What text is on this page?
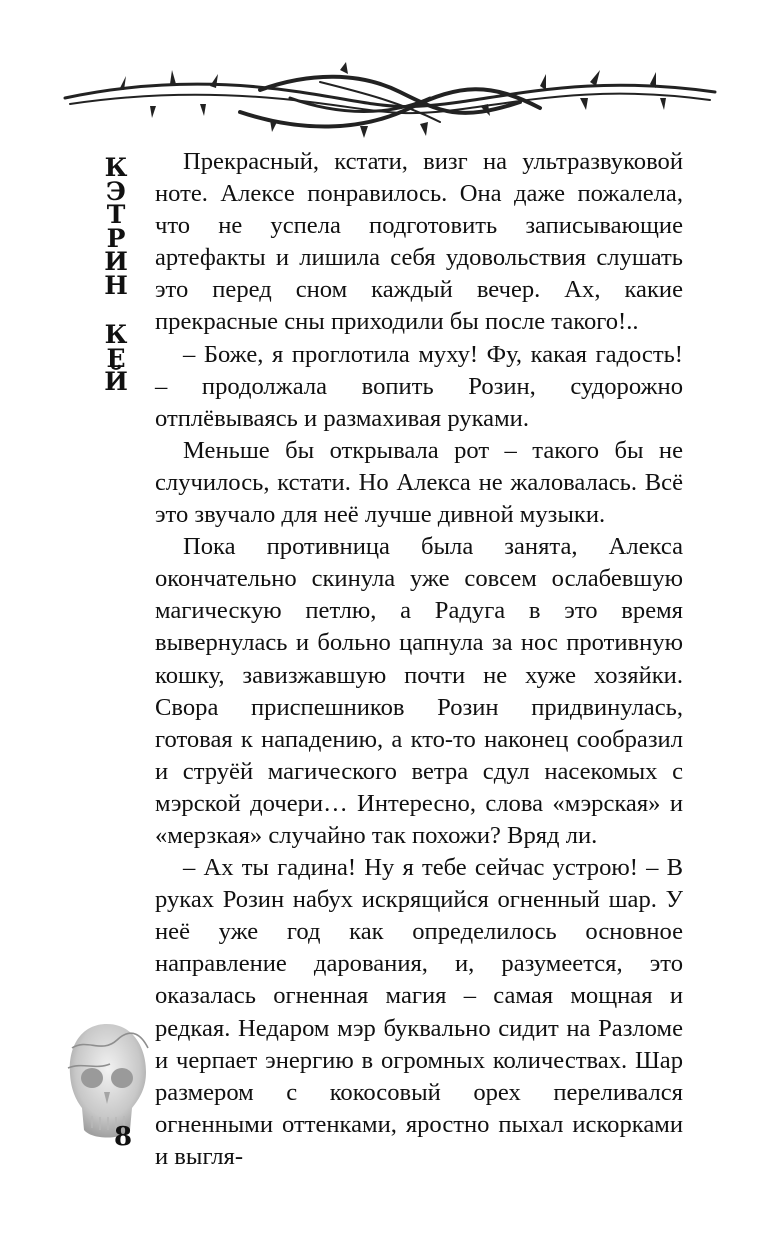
К
Э
Т
Р
И
Н
К
Е
Й

Прекрасный, кстати, визг на ультразвуковой ноте. Алексе понравилось. Она даже пожалела, что не успела подготовить записывающие артефакты и лишила себя удовольствия слушать это перед сном каждый вечер. Ах, какие прекрасные сны приходили бы после такого!..

– Боже, я проглотила муху! Фу, какая гадость! – продолжала вопить Розин, судорожно отплёвываясь и размахивая руками.

Меньше бы открывала рот – такого бы не случилось, кстати. Но Алекса не жаловалась. Всё это звучало для неё лучше дивной музыки.

Пока противница была занята, Алекса окончательно скинула уже совсем ослабевшую магическую петлю, а Радуга в это время вывернулась и больно цапнула за нос противную кошку, завизжавшую почти не хуже хозяйки. Свора приспешников Розин придвинулась, готовая к нападению, а кто-то наконец сообразил и струёй магического ветра сдул насекомых с мэрской дочери… Интересно, слова «мэрская» и «мерзкая» случайно так похожи? Вряд ли.

– Ах ты гадина! Ну я тебе сейчас устрою! – В руках Розин набух искрящийся огненный шар. У неё уже год как определилось основное направление дарования, и, разумеется, это оказалась огненная магия – самая мощная и редкая. Недаром мэр буквально сидит на Разломе и черпает энергию в огромных количествах. Шар размером с кокосовый орех переливался огненными оттенками, яростно пыхал искорками и выгля-

8
